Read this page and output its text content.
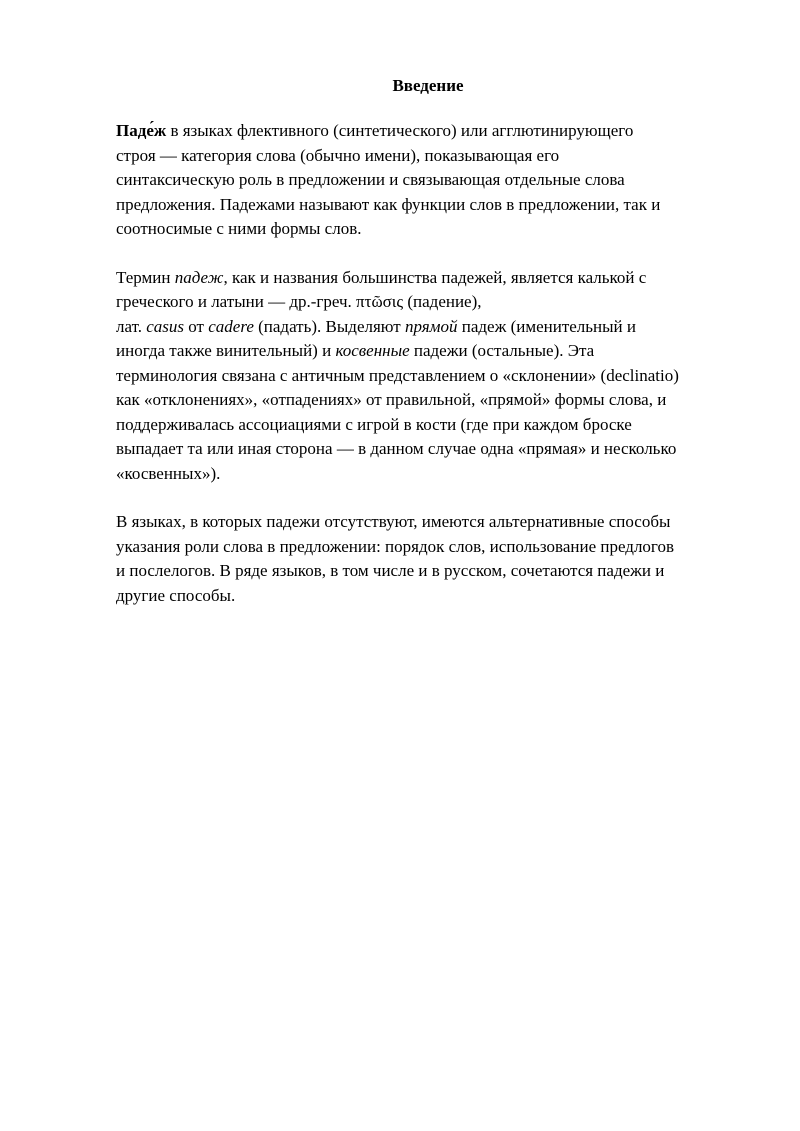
Введение
Паде́ж в языках флективного (синтетического) или агглютинирующего
строя — категория слова (обычно имени), показывающая его
синтаксическую роль в предложении и связывающая отдельные слова
предложения. Падежами называют как функции слов в предложении, так и
соотносимые с ними формы слов.
Термин падеж, как и названия большинства падежей, является калькой с
греческого и латыни — др.-греч. πτῶσις (падение),
лат. casus от cadere (падать). Выделяют прямой падеж (именительный и
иногда также винительный) и косвенные падежи (остальные). Эта
терминология связана с античным представлением о «склонении» (declinatio)
как «отклонениях», «отпадениях» от правильной, «прямой» формы слова, и
поддерживалась ассоциациями с игрой в кости (где при каждом броске
выпадает та или иная сторона — в данном случае одна «прямая» и несколько
«косвенных»).
В языках, в которых падежи отсутствуют, имеются альтернативные способы
указания роли слова в предложении: порядок слов, использование предлогов
и послелогов. В ряде языков, в том числе и в русском, сочетаются падежи и
другие способы.
